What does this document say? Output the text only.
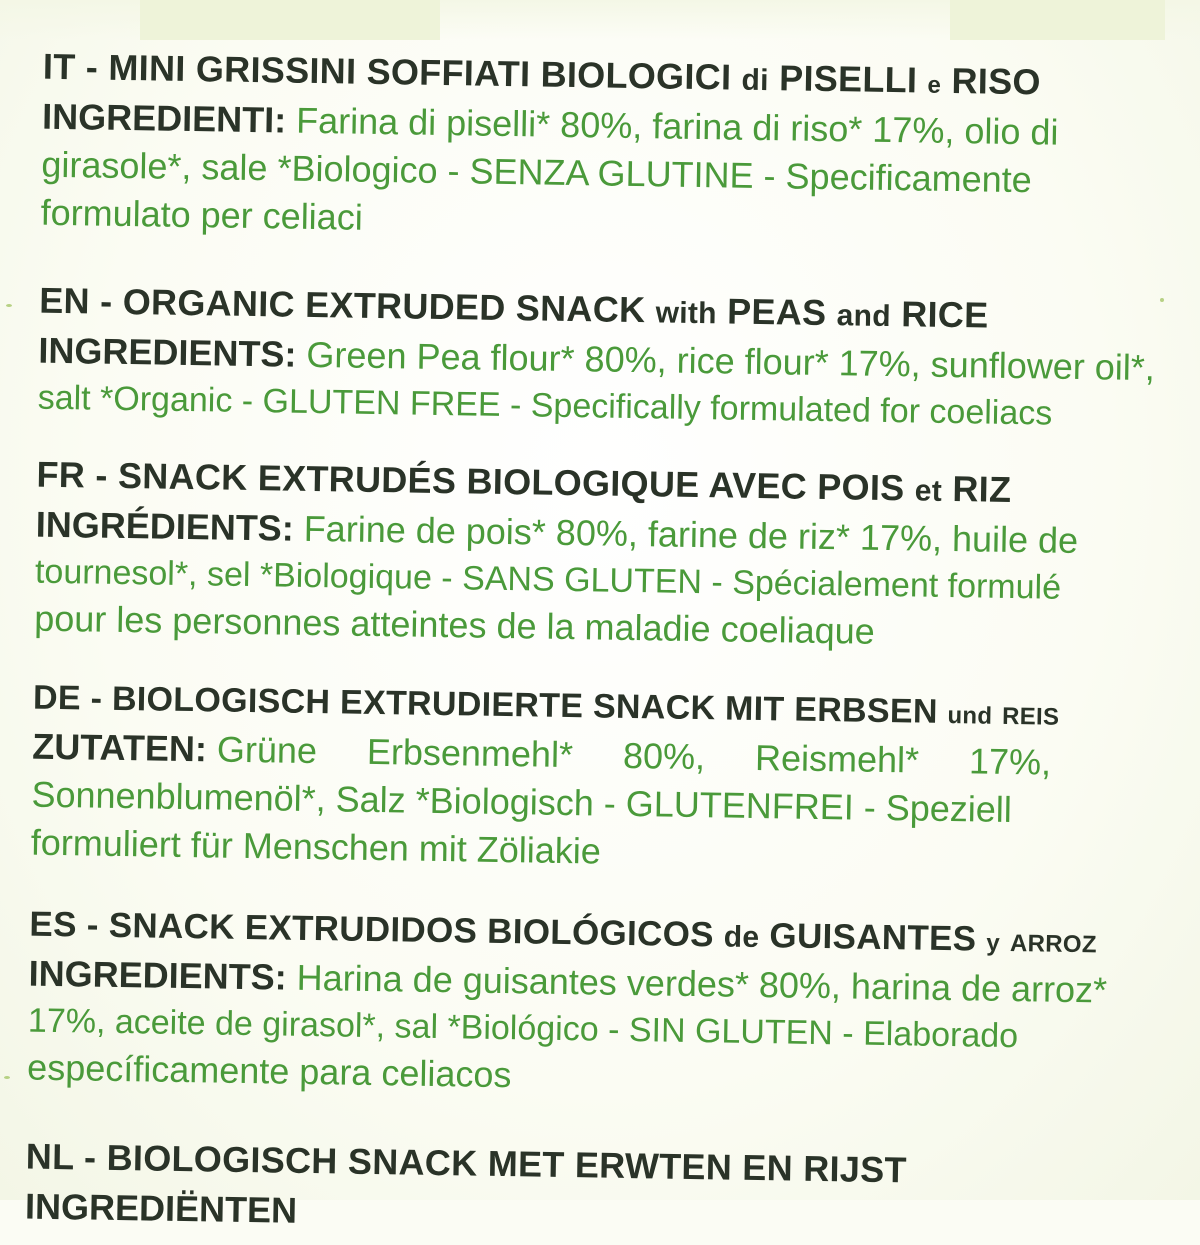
IT - MINI GRISSINI SOFFIATI BIOLOGICI di PISELLI e RISO
INGREDIENTI: Farina di piselli* 80%, farina di riso* 17%, olio di
girasole*, sale *Biologico - SENZA GLUTINE - Specificamente
formulato per celiaci
EN - ORGANIC EXTRUDED SNACK with PEAS and RICE
INGREDIENTS: Green Pea flour* 80%, rice flour* 17%, sunflower oil*,
salt *Organic - GLUTEN FREE - Specifically formulated for coeliacs
FR - SNACK EXTRUDÉS BIOLOGIQUE AVEC POIS et RIZ
INGRÉDIENTS: Farine de pois* 80%, farine de riz* 17%, huile de
tournesol*, sel *Biologique - SANS GLUTEN - Spécialement formulé
pour les personnes atteintes de la maladie coeliaque
DE - BIOLOGISCH EXTRUDIERTE SNACK MIT ERBSEN und REIS
ZUTATEN: Grüne Erbsenmehl* 80%, Reismehl* 17%,
Sonnenblumenöl*, Salz *Biologisch - GLUTENFREI - Speziell
formuliert für Menschen mit Zöliakie
ES - SNACK EXTRUDIDOS BIOLÓGICOS de GUISANTES y ARROZ
INGREDIENTS: Harina de guisantes verdes* 80%, harina de arroz*
17%, aceite de girasol*, sal *Biológico - SIN GLUTEN - Elaborado
específicamente para celiacos
NL - BIOLOGISCH SNACK MET ERWTEN EN RIJST
INGREDIËNTEN
